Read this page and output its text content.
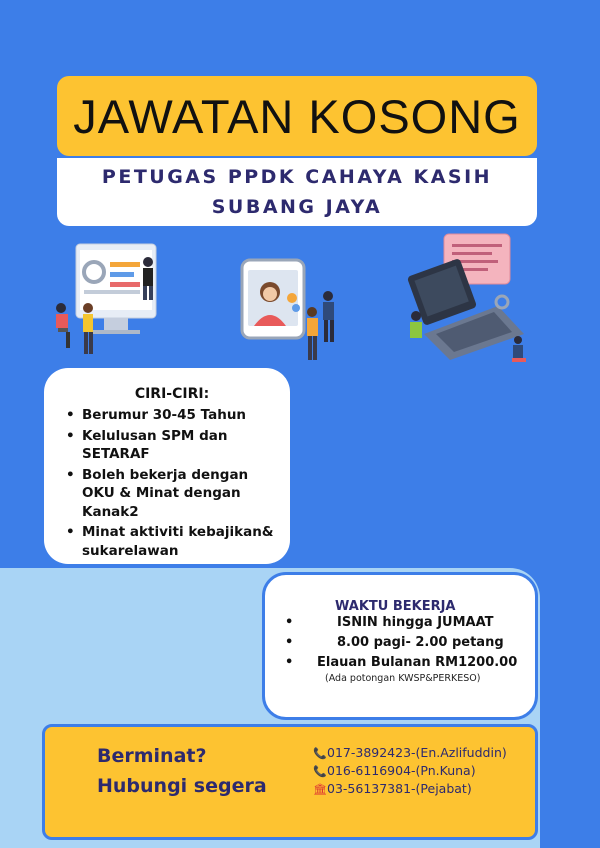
JAWATAN KOSONG
PETUGAS PPDK CAHAYA KASIH
SUBANG JAYA
CIRI-CIRI:
• Berumur 30-45 Tahun
• Kelulusan SPM dan SETARAF
• Boleh bekerja dengan OKU & Minat dengan Kanak2
• Minat aktiviti kebajikan& sukarelawan
WAKTU BEKERJA
•	ISNIN hingga JUMAAT
•	8.00 pagi- 2.00 petang
• Elauan Bulanan RM1200.00
(Ada potongan KWSP&PERKESO)
Berminat?
Hubungi segera
📞017-3892423-(En.Azlifuddin)
📞016-6116904-(Pn.Kuna)
🏛03-56137381-(Pejabat)
